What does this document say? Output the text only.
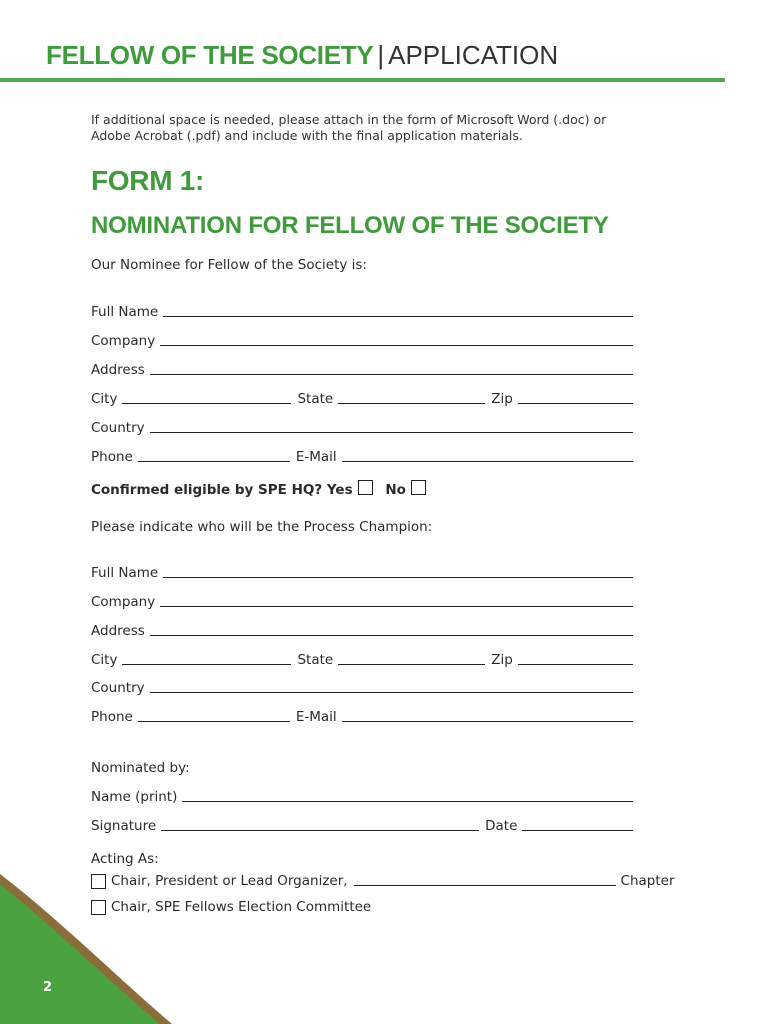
FELLOW OF THE SOCIETY | APPLICATION
If additional space is needed, please attach in the form of Microsoft Word (.doc) or
Adobe Acrobat (.pdf) and include with the final application materials.
FORM 1:
NOMINATION FOR FELLOW OF THE SOCIETY
Our Nominee for Fellow of the Society is:
Full Name
Company
Address
City	State	Zip
Country
Phone	E-Mail
Confirmed eligible by SPE HQ? Yes No
Please indicate who will be the Process Champion:
Full Name
Company
Address
City	State	Zip
Country
Phone	E-Mail
Nominated by:
Name (print)
Signature	Date
Acting As:
Chair, President or Lead Organizer,	Chapter
Chair, SPE Fellows Election Committee
2
